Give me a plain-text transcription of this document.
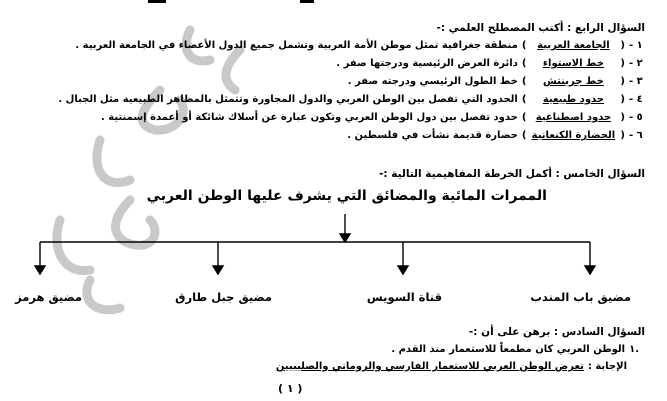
السؤال الرابع : أكتب المصطلح العلمي :-
١ -
(
الجامعة العربية
)
منطقة جغرافية تمثل موطن الأمة العربية وتشمل جميع الدول الأعضاء في الجامعة العربية .
٢ -
(
خط الاستواء
)
دائرة العرض الرئيسية ودرجتها صفر .
٣ -
(
خط جرينتش
)
خط الطول الرئيسي ودرجته صفر .
٤ -
(
حدود طبيعية
)
الحدود التي تفصل بين الوطن العربي والدول المجاورة وتتمثل بالمظاهر الطبيعية مثل الجبال .
٥ -
(
حدود اصطناعية
)
حدود تفصل بين دول الوطن العربي وتكون عبارة عن أسلاك شائكة أو أعمدة إسمنتية .
٦ -
(
الحضارة الكنعانية
)
حضارة قديمة نشأت في فلسطين .
السؤال الخامس : أكمل الخرطة المفاهيمية التالية :-
الممرات المائية والمضائق التي يشرف عليها الوطن العربي
مضيق باب المندب
قناة السويس
مضيق جبل طارق
مضيق هرمز
السؤال السادس : برهن على أن :-
.١
الوطن العربي كان مطمعاً للاستعمار منذ القدم .
الإجابة :
تعرض الوطن العربي للاستعمار الفارسي والروماني والصليبيين
( ١ )
